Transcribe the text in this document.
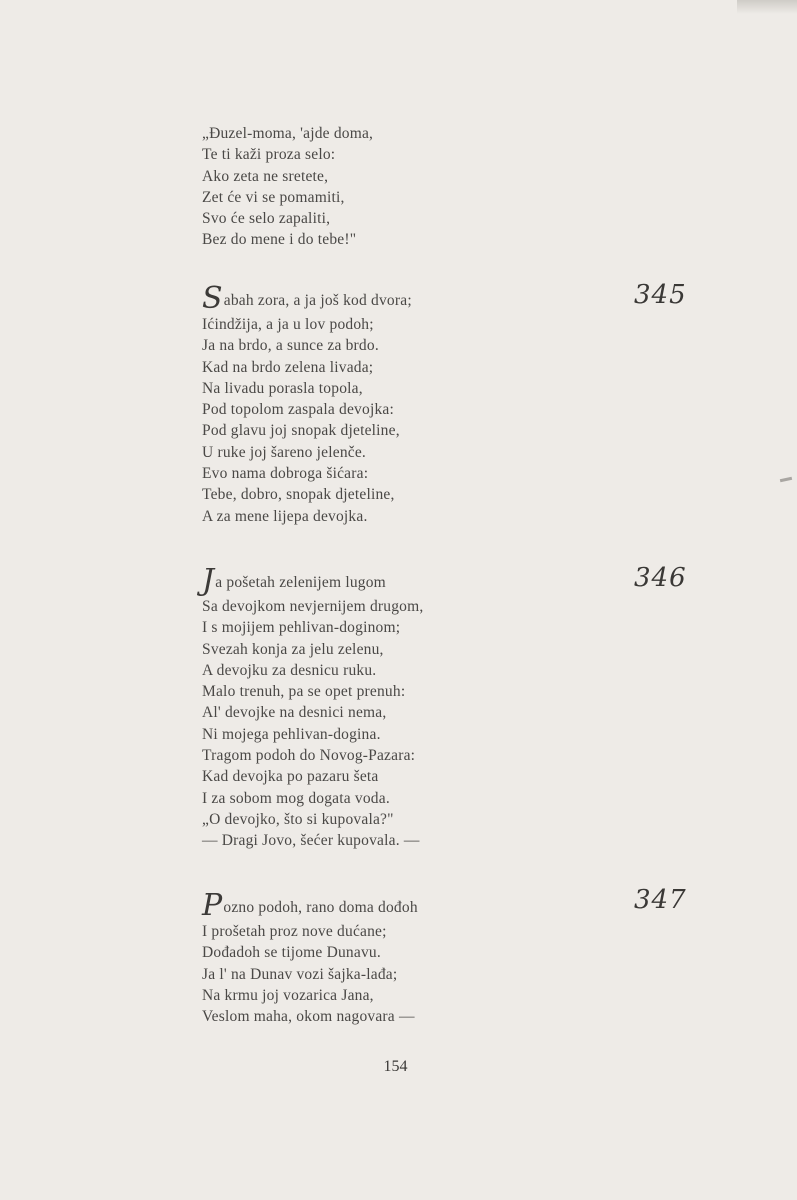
„Đuzel-moma, 'ajde doma,
Te ti kaži proza selo:
Ako zeta ne sretete,
Zet će vi se pomamiti,
Svo će selo zapaliti,
Bez do mene i do tebe!"
345
Sabah zora, a ja još kod dvora;
Ićindžija, a ja u lov podoh;
Ja na brdo, a sunce za brdo.
Kad na brdo zelena livada;
Na livadu porasla topola,
Pod topolom zaspala devojka:
Pod glavu joj snopak djeteline,
U ruke joj šareno jelenče.
Evo nama dobroga šićara:
Tebe, dobro, snopak djeteline,
A za mene lijepa devojka.
346
Ja pošetah zelenijem lugom
Sa devojkom nevjernijem drugom,
I s mojijem pehlivan-doginom;
Svezah konja za jelu zelenu,
A devojku za desnicu ruku.
Malo trenuh, pa se opet prenuh:
Al' devojke na desnici nema,
Ni mojega pehlivan-dogina.
Tragom podoh do Novog-Pazara:
Kad devojka po pazaru šeta
I za sobom mog dogata vodа.
„O devojko, što si kupovala?"
— Dragi Jovo, šećer kupovala. —
347
Pozno podoh, rano doma dođoh
I prošetah proz nove dućane;
Dođadoh se tijome Dunavu.
Ja l' na Dunav vozi šajka-lađa;
Na krmu joj vozarica Jana,
Veslom maha, okom nagovara —
154
